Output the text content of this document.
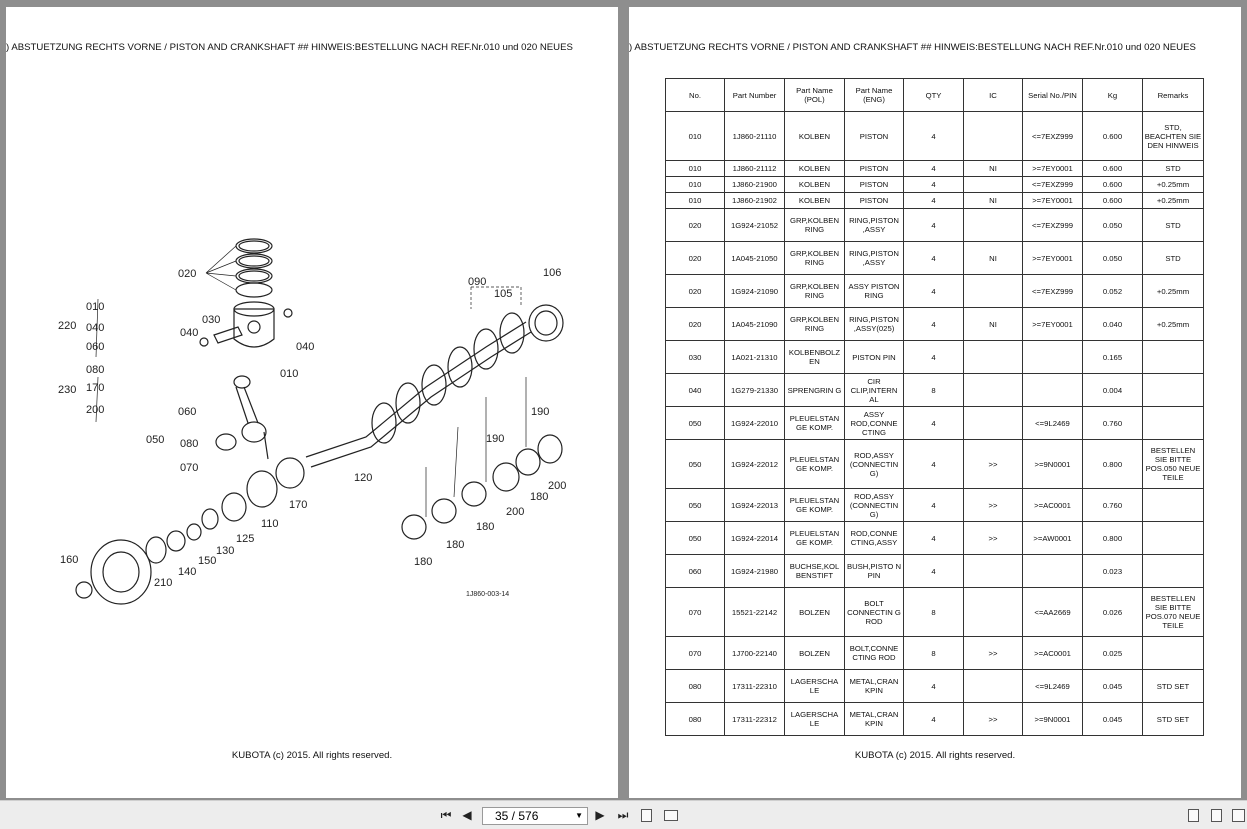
) ABSTUETZUNG RECHTS VORNE / PISTON AND CRANKSHAFT ## HINWEIS:BESTELLUNG NACH REF.Nr.010 und 020 NEUES
020
030
040
040
010
010
220 040
060
080
230 170
200	060
050 080
070
090
105
106
120
190
190
200
180
170
110
125
130
150
140
210
160
200
180
180
180
1J860-003-14
KUBOTA (c) 2015. All rights reserved.
) ABSTUETZUNG RECHTS VORNE / PISTON AND CRANKSHAFT ## HINWEIS:BESTELLUNG NACH REF.Nr.010 und 020 NEUES
No.	Part Number	Part Name (POL)	Part Name (ENG)	QTY	IC	Serial No./PIN	Kg	Remarks
010	1J860-21110	KOLBEN	PISTON	4		<=7EXZ999	0.600	STD, BEACHTEN SIE DEN HINWEIS
010	1J860-21112	KOLBEN	PISTON	4	NI	>=7EY0001	0.600	STD
010	1J860-21900	KOLBEN	PISTON	4		<=7EXZ999	0.600	+0.25mm
010	1J860-21902	KOLBEN	PISTON	4	NI	>=7EY0001	0.600	+0.25mm
020	1G924-21052	GRP,KOLBEN RING	RING,PISTON ,ASSY	4		<=7EXZ999	0.050	STD
020	1A045-21050	GRP,KOLBEN RING	RING,PISTON ,ASSY	4	NI	>=7EY0001	0.050	STD
020	1G924-21090	GRP,KOLBEN RING	ASSY PISTON RING	4		<=7EXZ999	0.052	+0.25mm
020	1A045-21090	GRP,KOLBEN RING	RING,PISTON ,ASSY(025)	4	NI	>=7EY0001	0.040	+0.25mm
030	1A021-21310	KOLBENBOLZ EN	PISTON PIN	4			0.165	
040	1G279-21330	SPRENGRIN G	CIR CLIP,INTERN AL	8			0.004	
050	1G924-22010	PLEUELSTAN GE KOMP.	ASSY ROD,CONNE CTING	4		<=9L2469	0.760	
050	1G924-22012	PLEUELSTAN GE KOMP.	ROD,ASSY (CONNECTIN G)	4	>>	>=9N0001	0.800	BESTELLEN SIE BITTE POS.050 NEUE TEILE
050	1G924-22013	PLEUELSTAN GE KOMP.	ROD,ASSY (CONNECTIN G)	4	>>	>=AC0001	0.760	
050	1G924-22014	PLEUELSTAN GE KOMP.	ROD,CONNE CTING,ASSY	4	>>	>=AW0001	0.800	
060	1G924-21980	BUCHSE,KOL BENSTIFT	BUSH,PISTO N PIN	4			0.023	
070	15521-22142	BOLZEN	BOLT CONNECTIN G ROD	8		<=AA2669	0.026	BESTELLEN SIE BITTE POS.070 NEUE TEILE
070	1J700-22140	BOLZEN	BOLT,CONNE CTING ROD	8	>>	>=AC0001	0.025	
080	17311-22310	LAGERSCHA LE	METAL,CRAN KPIN	4		<=9L2469	0.045	STD SET
080	17311-22312	LAGERSCHA LE	METAL,CRAN KPIN	4	>>	>=9N0001	0.045	STD SET
KUBOTA (c) 2015. All rights reserved.
⏮ ◀	35 / 576	▼	▶	⏭
